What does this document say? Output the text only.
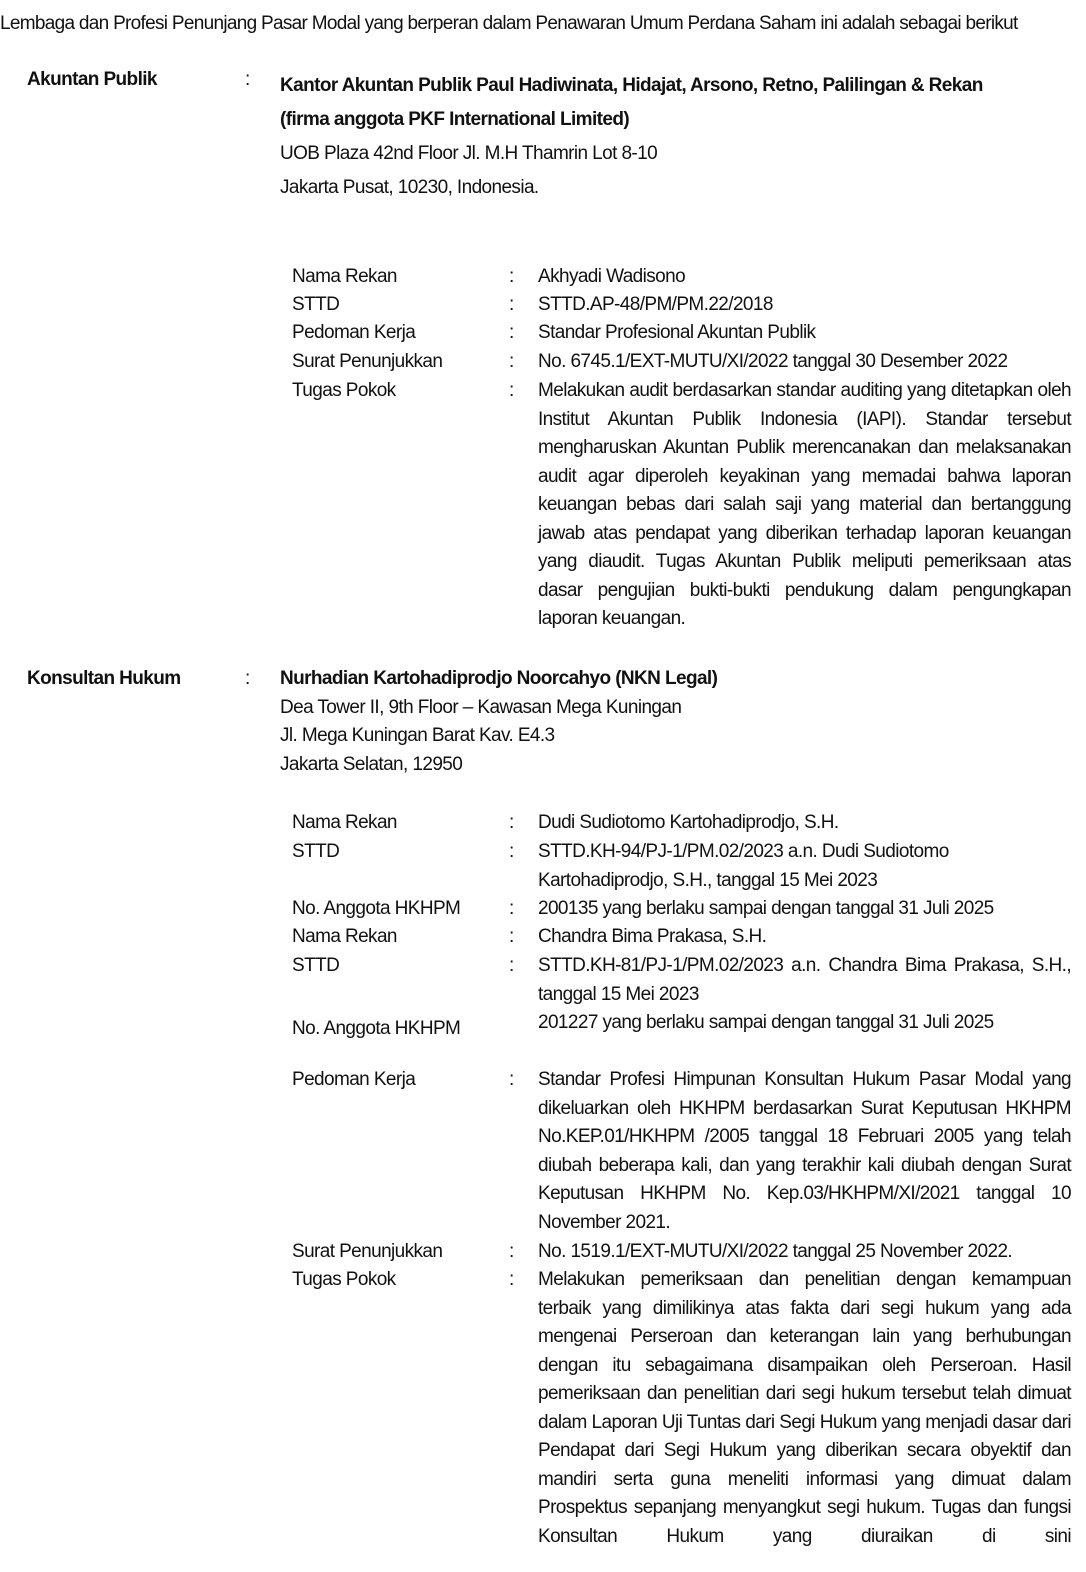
Lembaga dan Profesi Penunjang Pasar Modal yang berperan dalam Penawaran Umum Perdana Saham ini adalah sebagai berikut
Akuntan Publik	: Kantor Akuntan Publik Paul Hadiwinata, Hidajat, Arsono, Retno, Palilingan & Rekan
(firma anggota PKF International Limited)
UOB Plaza 42nd Floor Jl. M.H Thamrin Lot 8-10
Jakarta Pusat, 10230, Indonesia.
Nama Rekan	: Akhyadi Wadisono
STTD	: STTD.AP-48/PM/PM.22/2018
Pedoman Kerja	: Standar Profesional Akuntan Publik
Surat Penunjukkan	: No. 6745.1/EXT-MUTU/XI/2022 tanggal 30 Desember 2022
Tugas Pokok	: Melakukan audit berdasarkan standar auditing yang ditetapkan oleh Institut Akuntan Publik Indonesia (IAPI). Standar tersebut mengharuskan Akuntan Publik merencanakan dan melaksanakan audit agar diperoleh keyakinan yang memadai bahwa laporan keuangan bebas dari salah saji yang material dan bertanggung jawab atas pendapat yang diberikan terhadap laporan keuangan yang diaudit. Tugas Akuntan Publik meliputi pemeriksaan atas dasar pengujian bukti-bukti pendukung dalam pengungkapan laporan keuangan.
Konsultan Hukum	: Nurhadian Kartohadiprodjo Noorcahyo (NKN Legal)
Dea Tower II, 9th Floor – Kawasan Mega Kuningan
Jl. Mega Kuningan Barat Kav. E4.3
Jakarta Selatan, 12950
Nama Rekan	: Dudi Sudiotomo Kartohadiprodjo, S.H.
STTD	: STTD.KH-94/PJ-1/PM.02/2023 a.n. Dudi Sudiotomo Kartohadiprodjo, S.H., tanggal 15 Mei 2023
No. Anggota HKHPM	: 200135 yang berlaku sampai dengan tanggal 31 Juli 2025
Nama Rekan	: Chandra Bima Prakasa, S.H.
STTD	: STTD.KH-81/PJ-1/PM.02/2023 a.n. Chandra Bima Prakasa, S.H., tanggal 15 Mei 2023
No. Anggota HKHPM	201227 yang berlaku sampai dengan tanggal 31 Juli 2025
Pedoman Kerja	: Standar Profesi Himpunan Konsultan Hukum Pasar Modal yang dikeluarkan oleh HKHPM berdasarkan Surat Keputusan HKHPM No.KEP.01/HKHPM /2005 tanggal 18 Februari 2005 yang telah diubah beberapa kali, dan yang terakhir kali diubah dengan Surat Keputusan HKHPM No. Kep.03/HKHPM/XI/2021 tanggal 10 November 2021.
Surat Penunjukkan	: No. 1519.1/EXT-MUTU/XI/2022 tanggal 25 November 2022.
Tugas Pokok	: Melakukan pemeriksaan dan penelitian dengan kemampuan terbaik yang dimilikinya atas fakta dari segi hukum yang ada mengenai Perseroan dan keterangan lain yang berhubungan dengan itu sebagaimana disampaikan oleh Perseroan. Hasil pemeriksaan dan penelitian dari segi hukum tersebut telah dimuat dalam Laporan Uji Tuntas dari Segi Hukum yang menjadi dasar dari Pendapat dari Segi Hukum yang diberikan secara obyektif dan mandiri serta guna meneliti informasi yang dimuat dalam Prospektus sepanjang menyangkut segi hukum. Tugas dan fungsi Konsultan Hukum yang diuraikan di sini
